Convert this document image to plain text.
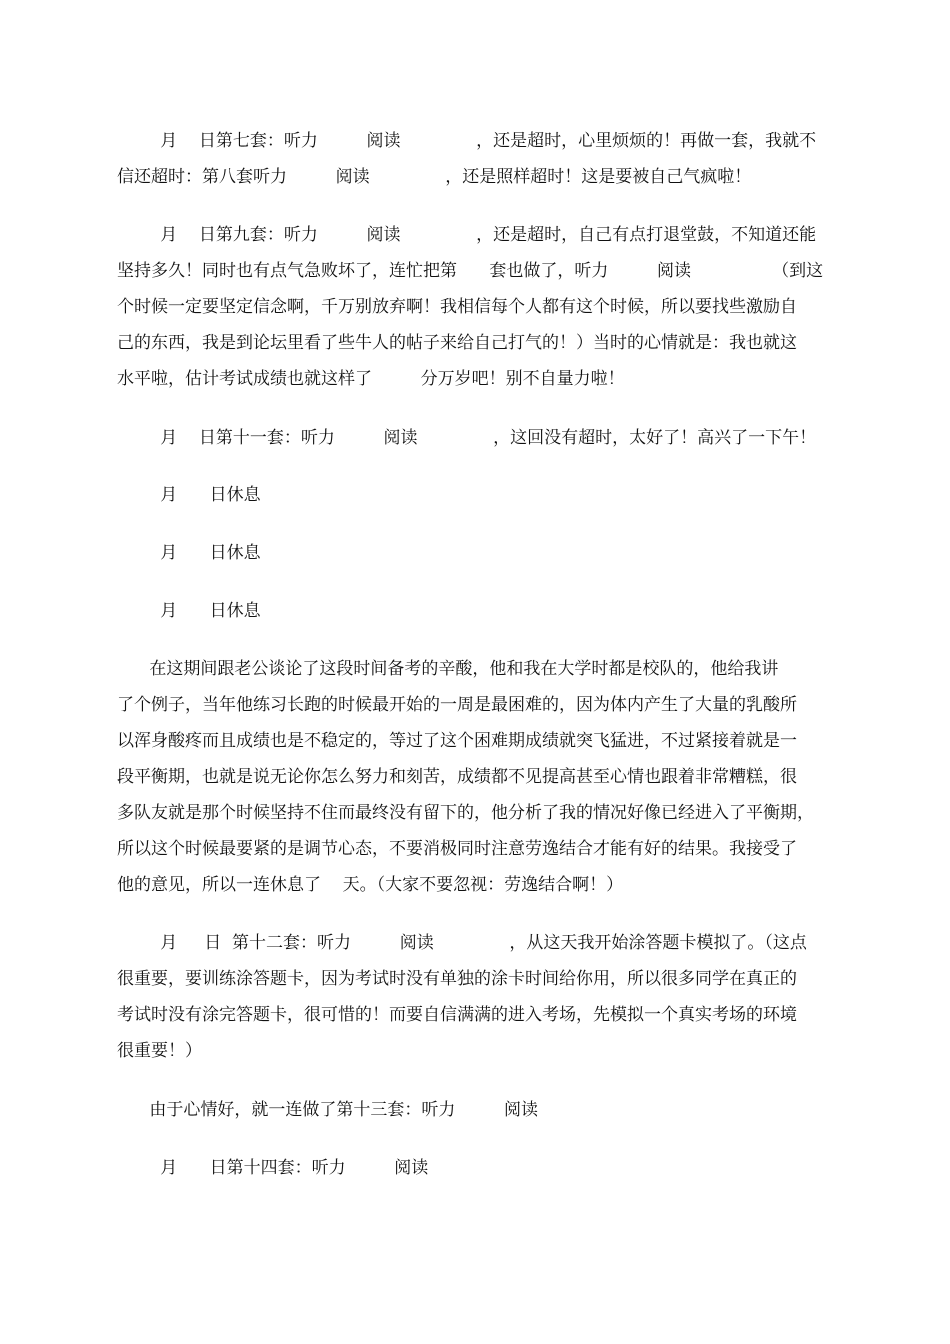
月    日第七套：听力         阅读              ，还是超时，心里烦烦的！再做一套，我就不
信还超时：第八套听力         阅读              ，还是照样超时！这是要被自己气疯啦！
月    日第九套：听力         阅读              ，还是超时，自己有点打退堂鼓，不知道还能
坚持多久！同时也有点气急败坏了，连忙把第      套也做了，听力         阅读               （到这
个时候一定要坚定信念啊，千万别放弃啊！我相信每个人都有这个时候，所以要找些激励自
己的东西，我是到论坛里看了些牛人的帖子来给自己打气的！）当时的心情就是：我也就这
水平啦，估计考试成绩也就这样了         分万岁吧！别不自量力啦！
月    日第十一套：听力         阅读              ，这回没有超时，太好了！高兴了一下午！
月      日休息
月      日休息
月      日休息
在这期间跟老公谈论了这段时间备考的辛酸，他和我在大学时都是校队的，他给我讲
了个例子，当年他练习长跑的时候最开始的一周是最困难的，因为体内产生了大量的乳酸所
以浑身酸疼而且成绩也是不稳定的，等过了这个困难期成绩就突飞猛进，不过紧接着就是一
段平衡期，也就是说无论你怎么努力和刻苦，成绩都不见提高甚至心情也跟着非常糟糕，很
多队友就是那个时候坚持不住而最终没有留下的，他分析了我的情况好像已经进入了平衡期，
所以这个时候最要紧的是调节心态，不要消极同时注意劳逸结合才能有好的结果。我接受了
他的意见，所以一连休息了    天。（大家不要忽视：劳逸结合啊！）
月     日  第十二套：听力         阅读              ，从这天我开始涂答题卡模拟了。（这点
很重要，要训练涂答题卡，因为考试时没有单独的涂卡时间给你用，所以很多同学在真正的
考试时没有涂完答题卡，很可惜的！而要自信满满的进入考场，先模拟一个真实考场的环境
很重要！）
由于心情好，就一连做了第十三套：听力         阅读
月      日第十四套：听力         阅读
